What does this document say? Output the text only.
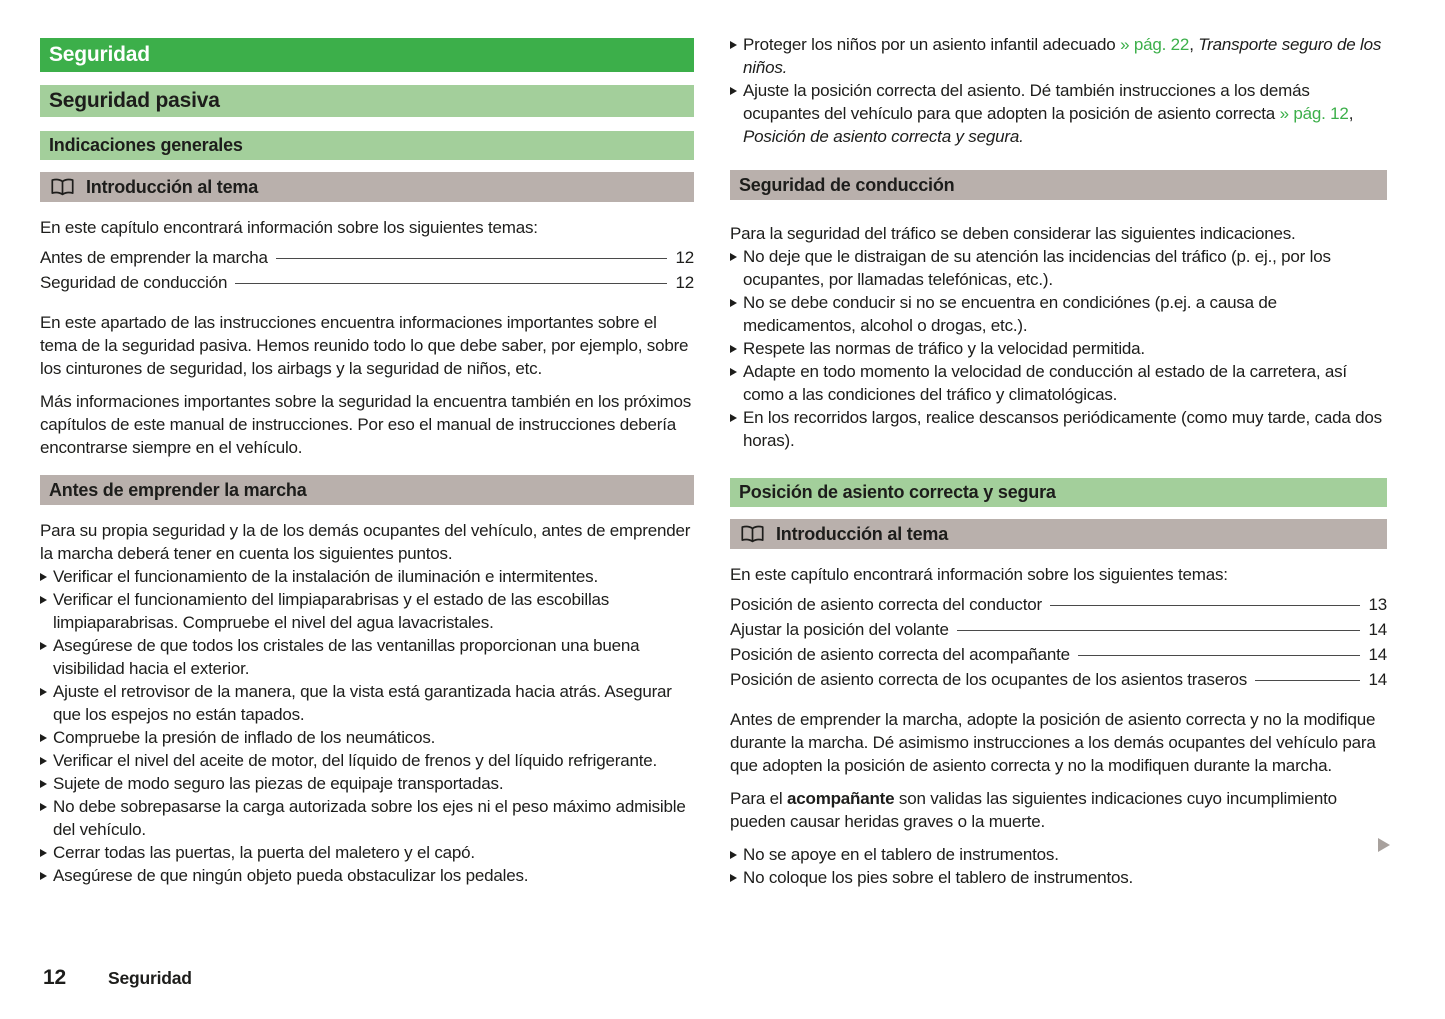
Seguridad
Seguridad pasiva
Indicaciones generales
Introducción al tema

En este capítulo encontrará información sobre los siguientes temas:

Antes de emprender la marcha	12
Seguridad de conducción	12

En este apartado de las instrucciones encuentra informaciones importantes sobre el tema de la seguridad pasiva. Hemos reunido todo lo que debe saber, por ejemplo, sobre los cinturones de seguridad, los airbags y la seguridad de niños, etc.

Más informaciones importantes sobre la seguridad la encuentra también en los próximos capítulos de este manual de instrucciones. Por eso el manual de instrucciones debería encontrarse siempre en el vehículo.

Antes de emprender la marcha

Para su propia seguridad y la de los demás ocupantes del vehículo, antes de emprender la marcha deberá tener en cuenta los siguientes puntos.

Verificar el funcionamiento de la instalación de iluminación e intermitentes.
Verificar el funcionamiento del limpiaparabrisas y el estado de las escobillas limpiaparabrisas. Compruebe el nivel del agua lavacristales.
Asegúrese de que todos los cristales de las ventanillas proporcionan una buena visibilidad hacia el exterior.
Ajuste el retrovisor de la manera, que la vista está garantizada hacia atrás. Asegurar que los espejos no están tapados.
Compruebe la presión de inflado de los neumáticos.
Verificar el nivel del aceite de motor, del líquido de frenos y del líquido refrigerante.
Sujete de modo seguro las piezas de equipaje transportadas.
No debe sobrepasarse la carga autorizada sobre los ejes ni el peso máximo admisible del vehículo.
Cerrar todas las puertas, la puerta del maletero y el capó.
Asegúrese de que ningún objeto pueda obstaculizar los pedales.
Proteger los niños por un asiento infantil adecuado » pág. 22, Transporte seguro de los niños.
Ajuste la posición correcta del asiento. Dé también instrucciones a los demás ocupantes del vehículo para que adopten la posición de asiento correcta » pág. 12, Posición de asiento correcta y segura.
Seguridad de conducción

Para la seguridad del tráfico se deben considerar las siguientes indicaciones.

No deje que le distraigan de su atención las incidencias del tráfico (p. ej., por los ocupantes, por llamadas telefónicas, etc.).
No se debe conducir si no se encuentra en condiciónes (p.ej. a causa de medicamentos, alcohol o drogas, etc.).
Respete las normas de tráfico y la velocidad permitida.
Adapte en todo momento la velocidad de conducción al estado de la carretera, así como a las condiciones del tráfico y climatológicas.
En los recorridos largos, realice descansos periódicamente (como muy tarde, cada dos horas).
Posición de asiento correcta y segura
Introducción al tema

En este capítulo encontrará información sobre los siguientes temas:

Posición de asiento correcta del conductor	13
Ajustar la posición del volante	14
Posición de asiento correcta del acompañante	14
Posición de asiento correcta de los ocupantes de los asientos traseros	14

Antes de emprender la marcha, adopte la posición de asiento correcta y no la modifique durante la marcha. Dé asimismo instrucciones a los demás ocupantes del vehículo para que adopten la posición de asiento correcta y no la modifiquen durante la marcha.

Para el acompañante son validas las siguientes indicaciones cuyo incumplimiento pueden causar heridas graves o la muerte.

No se apoye en el tablero de instrumentos.
No coloque los pies sobre el tablero de instrumentos.
12 Seguridad
